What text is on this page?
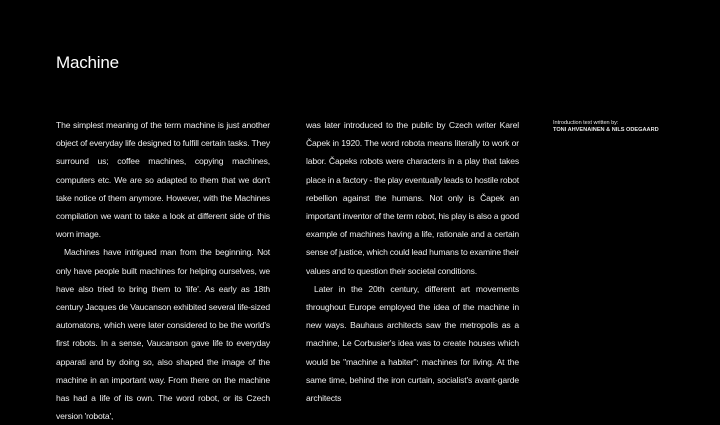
Machine

The simplest meaning of the term machine is just another object of everyday life designed to fulfill certain tasks. They surround us; coffee machines, copying machines, computers etc. We are so adapted to them that we don't take notice of them anymore. However, with the Machines compilation we want to take a look at different side of this worn image.

Machines have intrigued man from the beginning. Not only have people built machines for helping ourselves, we have also tried to bring them to 'life'. As early as 18th century Jacques de Vaucanson exhibited several life-sized automatons, which were later considered to be the world's first robots. In a sense, Vaucanson gave life to everyday apparati and by doing so, also shaped the image of the machine in an important way. From there on the machine has had a life of its own. The word robot, or its Czech version 'robota',

was later introduced to the public by Czech writer Karel Čapek in 1920. The word robota means literally to work or labor. Čapeks robots were characters in a play that takes place in a factory - the play eventually leads to hostile robot rebellion against the humans. Not only is Čapek an important inventor of the term robot, his play is also a good example of machines having a life, rationale and a certain sense of justice, which could lead humans to examine their values and to question their societal conditions.

Later in the 20th century, different art movements throughout Europe employed the idea of the machine in new ways. Bauhaus architects saw the metropolis as a machine, Le Corbusier's idea was to create houses which would be "machine a habiter": machines for living. At the same time, behind the iron curtain, socialist's avant-garde architects

Introduction text written by:
TONI AHVENAINEN & NILS ODEGAARD
